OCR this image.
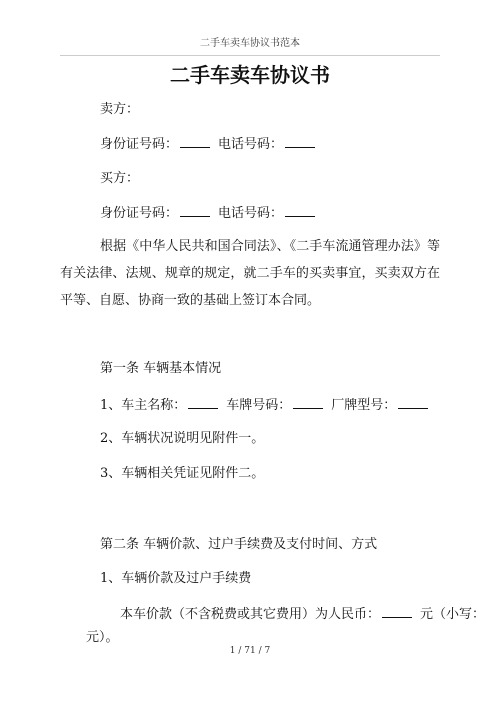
二手车卖车协议书范本
二手车卖车协议书
卖方：
身份证号码：	电话号码：
买方：
身份证号码：	电话号码：
根据《中华人民共和国合同法》、《二手车流通管理办法》等有关法律、法规、规章的规定，就二手车的买卖事宜，买卖双方在平等、自愿、协商一致的基础上签订本合同。
第一条 车辆基本情况
1、车主名称：	车牌号码：	厂牌型号：
2、车辆状况说明见附件一。
3、车辆相关凭证见附件二。
第二条 车辆价款、过户手续费及支付时间、方式
1、车辆价款及过户手续费
本车价款（不含税费或其它费用）为人民币：	元（小写：
元）。
1 / 71 / 7
